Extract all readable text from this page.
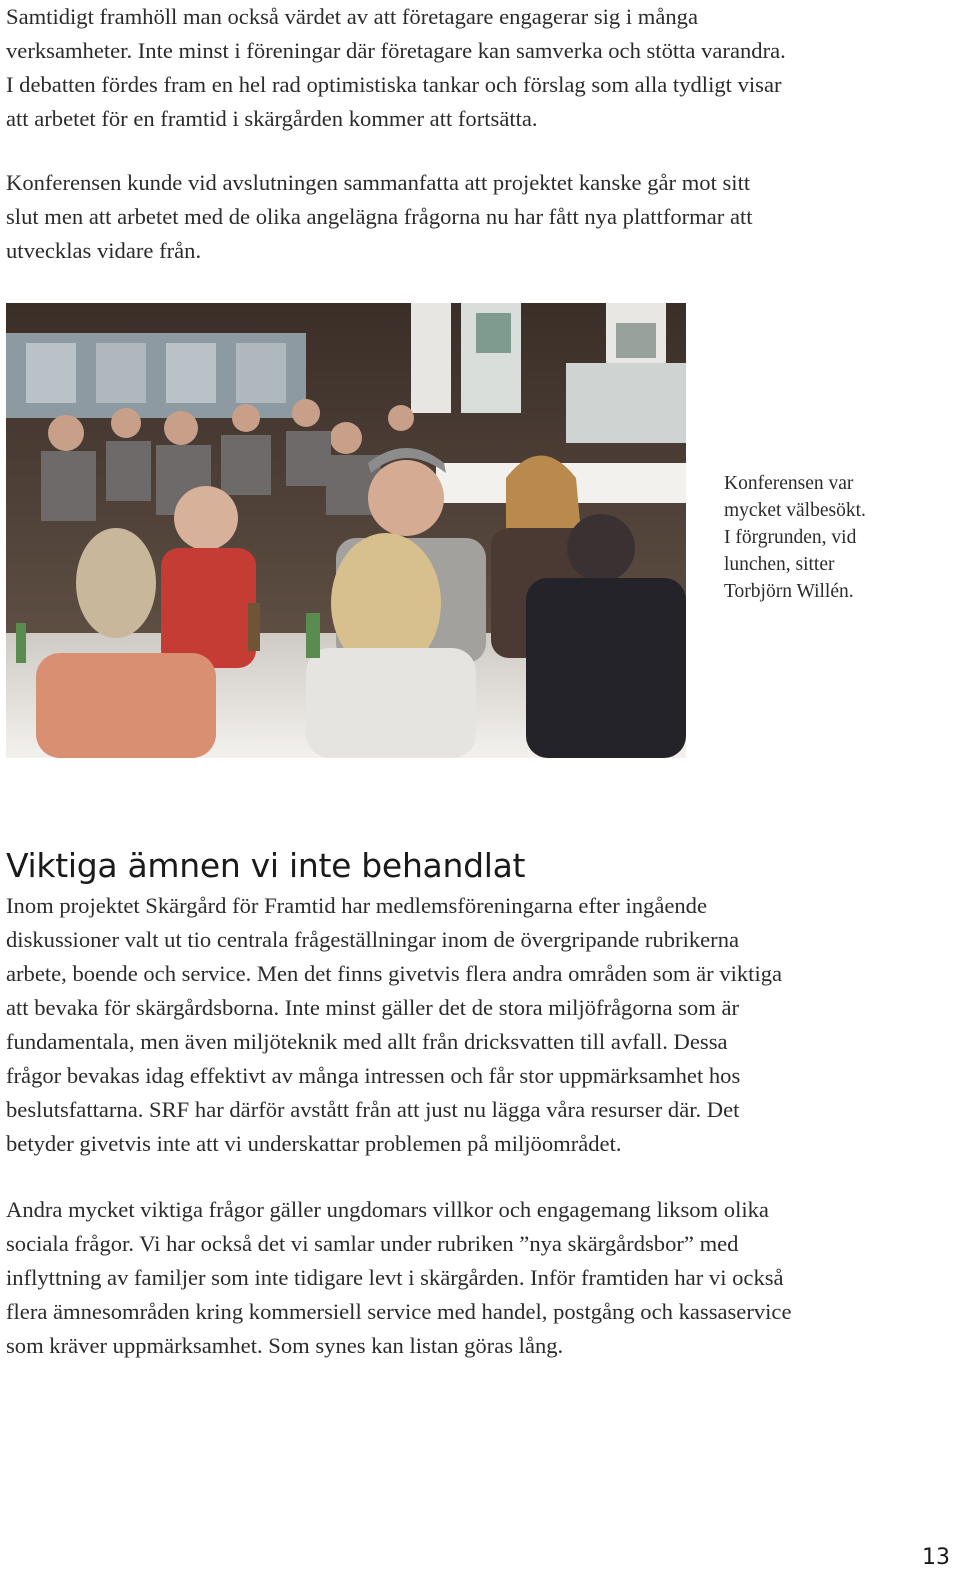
Samtidigt framhöll man också värdet av att företagare engagerar sig i många
verksamheter. Inte minst i föreningar där företagare kan samverka och stötta varandra.
I debatten fördes fram en hel rad optimistiska tankar och förslag som alla tydligt visar
att arbetet för en framtid i skärgården kommer att fortsätta.

Konferensen kunde vid avslutningen sammanfatta att projektet kanske går mot sitt
slut men att arbetet med de olika angelägna frågorna nu har fått nya plattformar att
utvecklas vidare från.

Konferensen var
mycket välbesökt.
I förgrunden, vid
lunchen, sitter
Torbjörn Willén.
Viktiga ämnen vi inte behandlat

Inom projektet Skärgård för Framtid har medlemsföreningarna efter ingående
diskussioner valt ut tio centrala frågeställningar inom de övergripande rubrikerna
arbete, boende och service. Men det finns givetvis flera andra områden som är viktiga
att bevaka för skärgårdsborna. Inte minst gäller det de stora miljöfrågorna som är
fundamentala, men även miljöteknik med allt från dricksvatten till avfall. Dessa
frågor bevakas idag effektivt av många intressen och får stor uppmärksamhet hos
beslutsfattarna. SRF har därför avstått från att just nu lägga våra resurser där. Det
betyder givetvis inte att vi underskattar problemen på miljöområdet.

Andra mycket viktiga frågor gäller ungdomars villkor och engagemang liksom olika
sociala frågor. Vi har också det vi samlar under rubriken ”nya skärgårdsbor” med
inflyttning av familjer som inte tidigare levt i skärgården. Inför framtiden har vi också
flera ämnesområden kring kommersiell service med handel, postgång och kassaservice
som kräver uppmärksamhet. Som synes kan listan göras lång.

13
